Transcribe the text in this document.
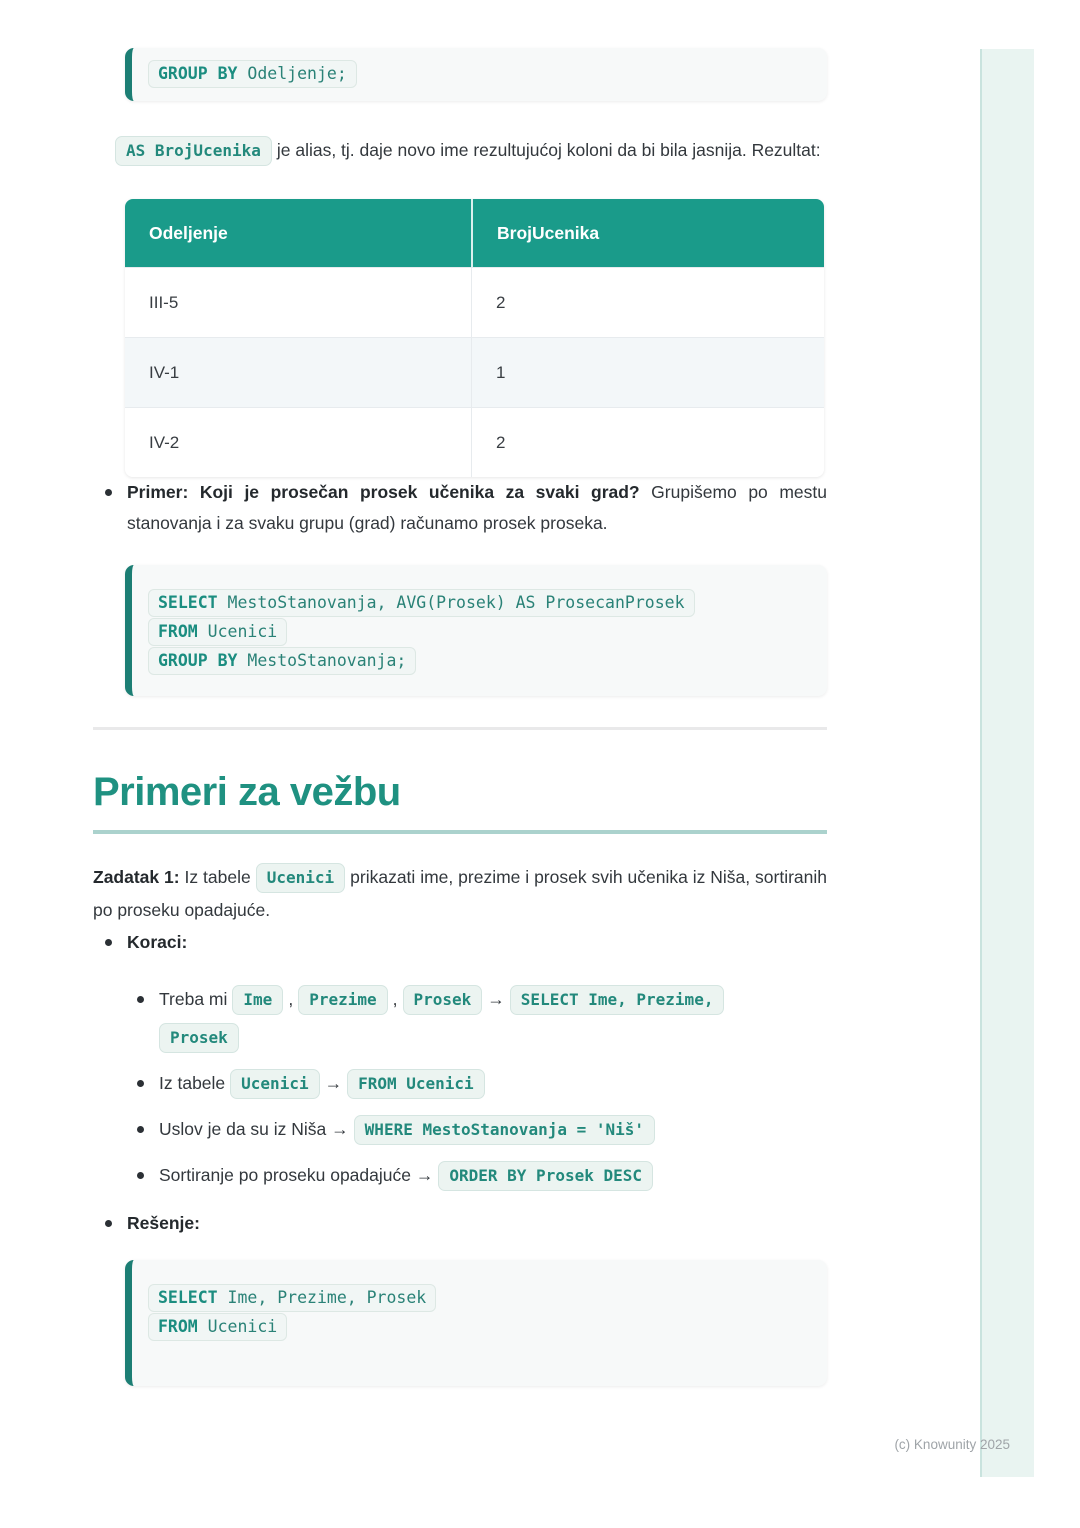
GROUP BY Odeljenje;

AS BrojUcenika je alias, tj. daje novo ime rezultujućoj koloni da bi bila jasnija. Rezultat:

Odeljenje	BrojUcenika
III-5	2
IV-1	1
IV-2	2

Primer: Koji je prosečan prosek učenika za svaki grad? Grupišemo po mestu stanovanja i za svaku grupu (grad) računamo prosek proseka.

SELECT MestoStanovanja, AVG(Prosek) AS ProsecanProsek
FROM Ucenici
GROUP BY MestoStanovanja;
Primeri za vežbu

Zadatak 1: Iz tabele Ucenici prikazati ime, prezime i prosek svih učenika iz Niša, sortiranih po proseku opadajuće.

Koraci:
Treba mi Ime , Prezime , Prosek → SELECT Ime, Prezime,
Prosek
Iz tabele Ucenici → FROM Ucenici
Uslov je da su iz Niša → WHERE MestoStanovanja = 'Niš'
Sortiranje po proseku opadajuće → ORDER BY Prosek DESC
Rešenje:
SELECT Ime, Prezime, Prosek
FROM Ucenici
(c) Knowunity 2025
